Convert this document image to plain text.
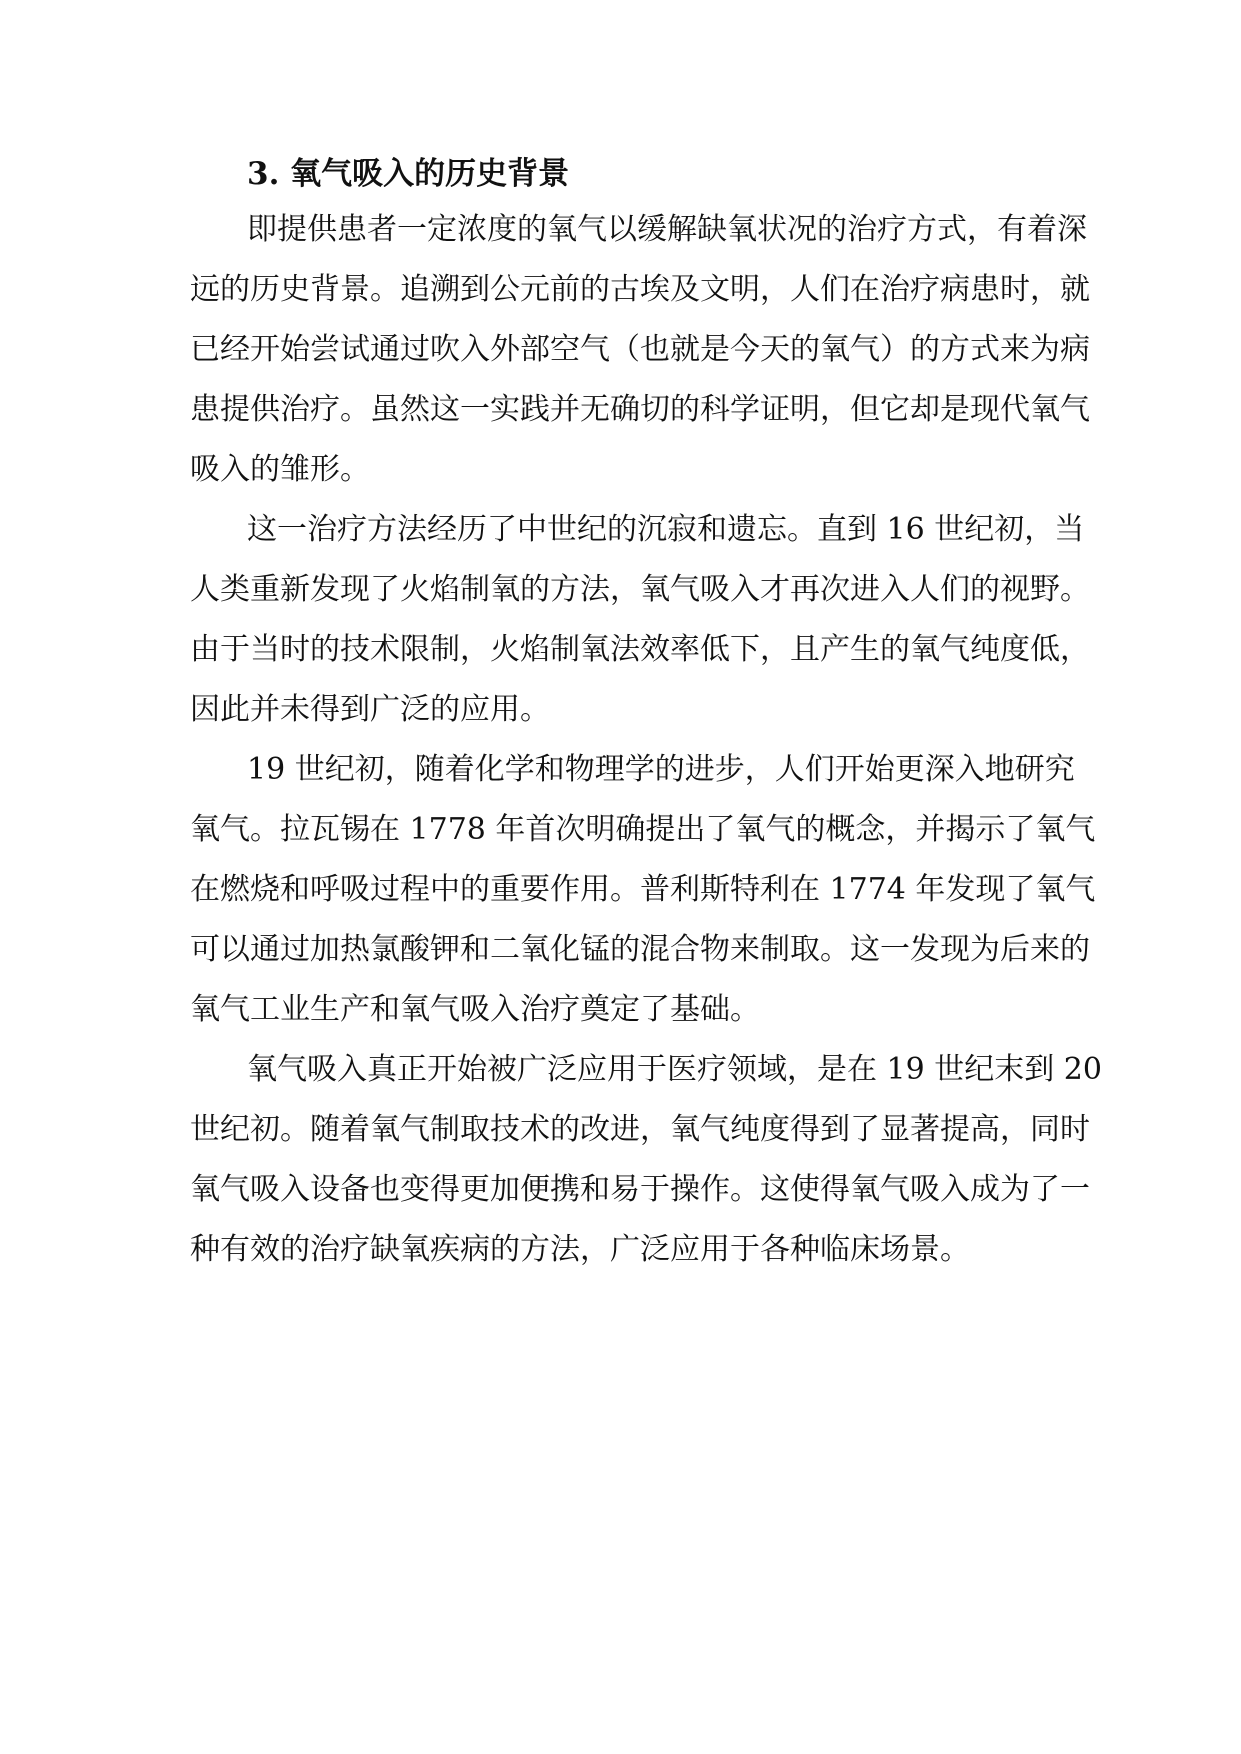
3. 氧气吸入的历史背景

即提供患者一定浓度的氧气以缓解缺氧状况的治疗方式，有着深

远的历史背景。追溯到公元前的古埃及文明，人们在治疗病患时，就

已经开始尝试通过吹入外部空气（也就是今天的氧气）的方式来为病

患提供治疗。虽然这一实践并无确切的科学证明，但它却是现代氧气

吸入的雏形。

这一治疗方法经历了中世纪的沉寂和遗忘。直到 16 世纪初，当

人类重新发现了火焰制氧的方法，氧气吸入才再次进入人们的视野。

由于当时的技术限制，火焰制氧法效率低下，且产生的氧气纯度低，

因此并未得到广泛的应用。

19 世纪初，随着化学和物理学的进步，人们开始更深入地研究

氧气。拉瓦锡在 1778 年首次明确提出了氧气的概念，并揭示了氧气

在燃烧和呼吸过程中的重要作用。普利斯特利在 1774 年发现了氧气

可以通过加热氯酸钾和二氧化锰的混合物来制取。这一发现为后来的

氧气工业生产和氧气吸入治疗奠定了基础。

氧气吸入真正开始被广泛应用于医疗领域，是在 19 世纪末到 20

世纪初。随着氧气制取技术的改进，氧气纯度得到了显著提高，同时

氧气吸入设备也变得更加便携和易于操作。这使得氧气吸入成为了一

种有效的治疗缺氧疾病的方法，广泛应用于各种临床场景。
